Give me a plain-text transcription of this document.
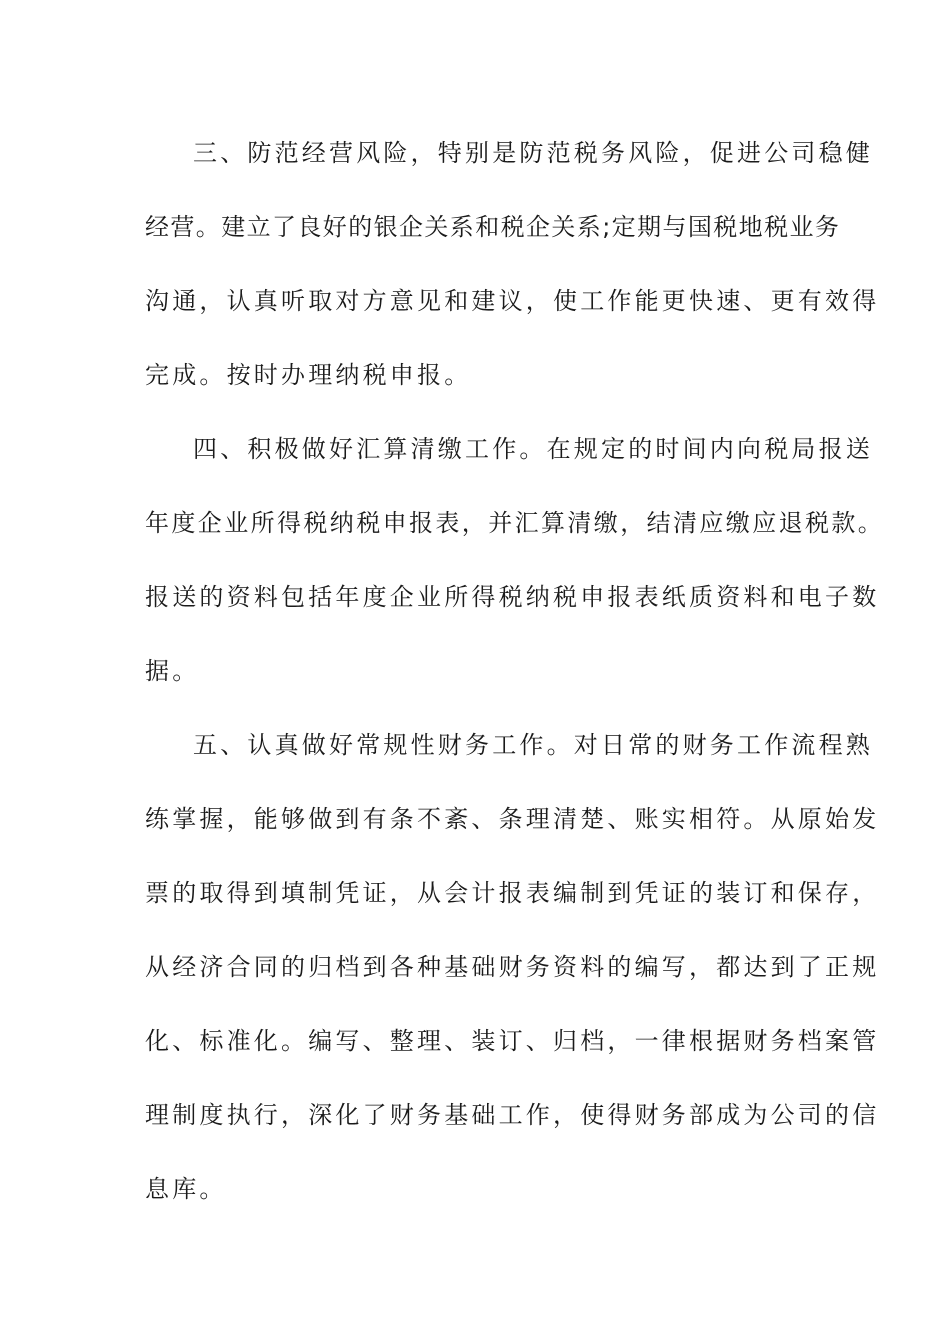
三、防范经营风险，特别是防范税务风险，促进公司稳健
经营。建立了良好的银企关系和税企关系;定期与国税地税业务
沟通，认真听取对方意见和建议，使工作能更快速、更有效得
完成。按时办理纳税申报。
四、积极做好汇算清缴工作。在规定的时间内向税局报送
年度企业所得税纳税申报表，并汇算清缴，结清应缴应退税款。
报送的资料包括年度企业所得税纳税申报表纸质资料和电子数
据。
五、认真做好常规性财务工作。对日常的财务工作流程熟
练掌握，能够做到有条不紊、条理清楚、账实相符。从原始发
票的取得到填制凭证，从会计报表编制到凭证的装订和保存，
从经济合同的归档到各种基础财务资料的编写，都达到了正规
化、标准化。编写、整理、装订、归档，一律根据财务档案管
理制度执行，深化了财务基础工作，使得财务部成为公司的信
息库。
